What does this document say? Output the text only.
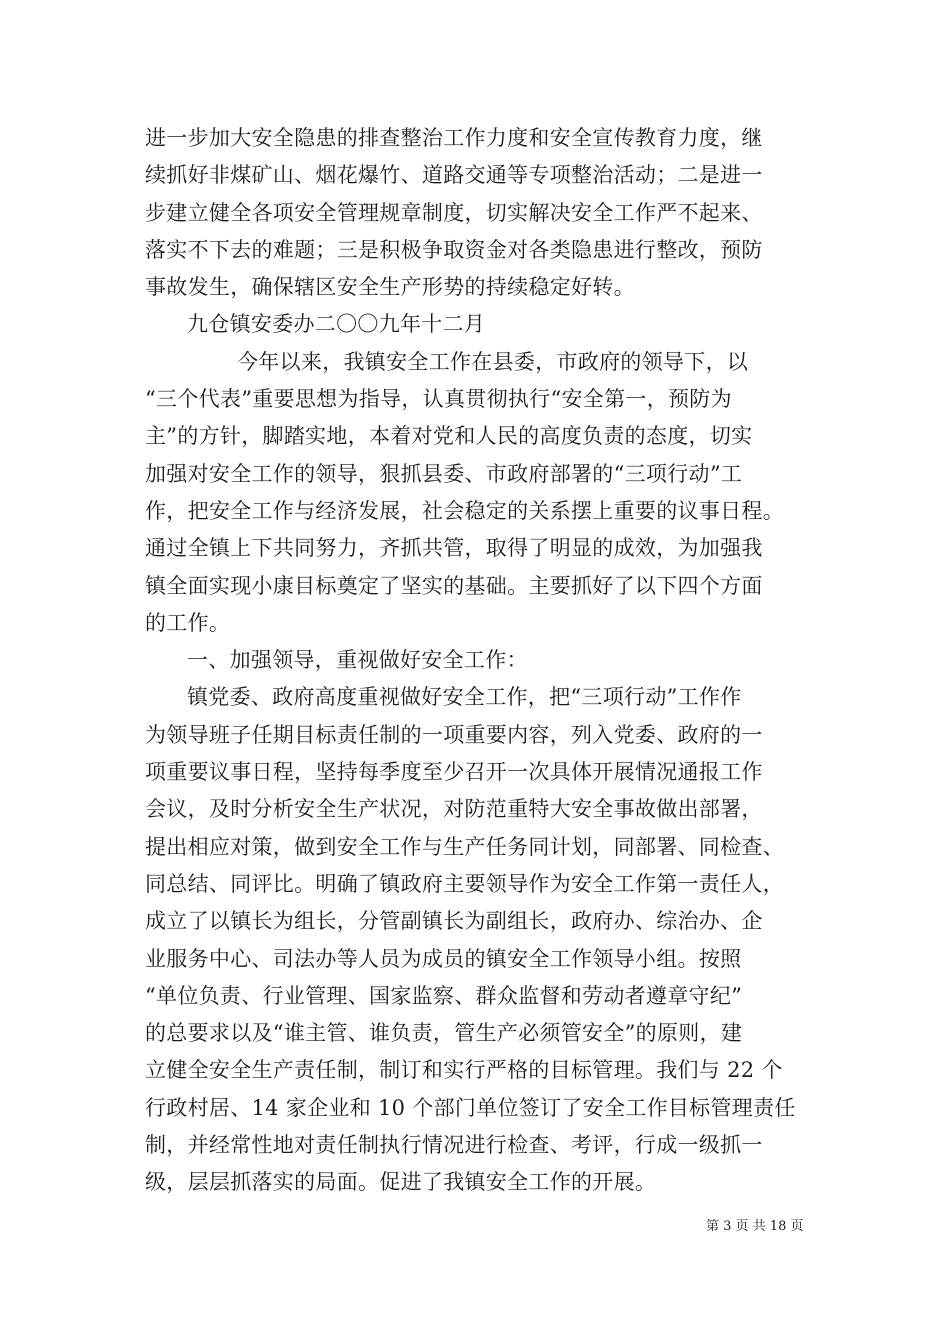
进一步加大安全隐患的排查整治工作力度和安全宣传教育力度，继
续抓好非煤矿山、烟花爆竹、道路交通等专项整治活动；二是进一
步建立健全各项安全管理规章制度，切实解决安全工作严不起来、
落实不下去的难题；三是积极争取资金对各类隐患进行整改，预防
事故发生，确保辖区安全生产形势的持续稳定好转。
九仓镇安委办二〇〇九年十二月
今年以来，我镇安全工作在县委，市政府的领导下，以
“三个代表”重要思想为指导，认真贯彻执行“安全第一，预防为
主”的方针，脚踏实地，本着对党和人民的高度负责的态度，切实
加强对安全工作的领导，狠抓县委、市政府部署的“三项行动”工
作，把安全工作与经济发展，社会稳定的关系摆上重要的议事日程。
通过全镇上下共同努力，齐抓共管，取得了明显的成效，为加强我
镇全面实现小康目标奠定了坚实的基础。主要抓好了以下四个方面
的工作。
一、加强领导，重视做好安全工作：
镇党委、政府高度重视做好安全工作，把“三项行动”工作作
为领导班子任期目标责任制的一项重要内容，列入党委、政府的一
项重要议事日程，坚持每季度至少召开一次具体开展情况通报工作
会议，及时分析安全生产状况，对防范重特大安全事故做出部署，
提出相应对策，做到安全工作与生产任务同计划，同部署、同检查、
同总结、同评比。明确了镇政府主要领导作为安全工作第一责任人，
成立了以镇长为组长，分管副镇长为副组长，政府办、综治办、企
业服务中心、司法办等人员为成员的镇安全工作领导小组。按照
“单位负责、行业管理、国家监察、群众监督和劳动者遵章守纪”
的总要求以及“谁主管、谁负责，管生产必须管安全”的原则，建
立健全安全生产责任制，制订和实行严格的目标管理。我们与 22 个
行政村居、14 家企业和 10 个部门单位签订了安全工作目标管理责任
制，并经常性地对责任制执行情况进行检查、考评，行成一级抓一
级，层层抓落实的局面。促进了我镇安全工作的开展。
第 3 页 共 18 页
